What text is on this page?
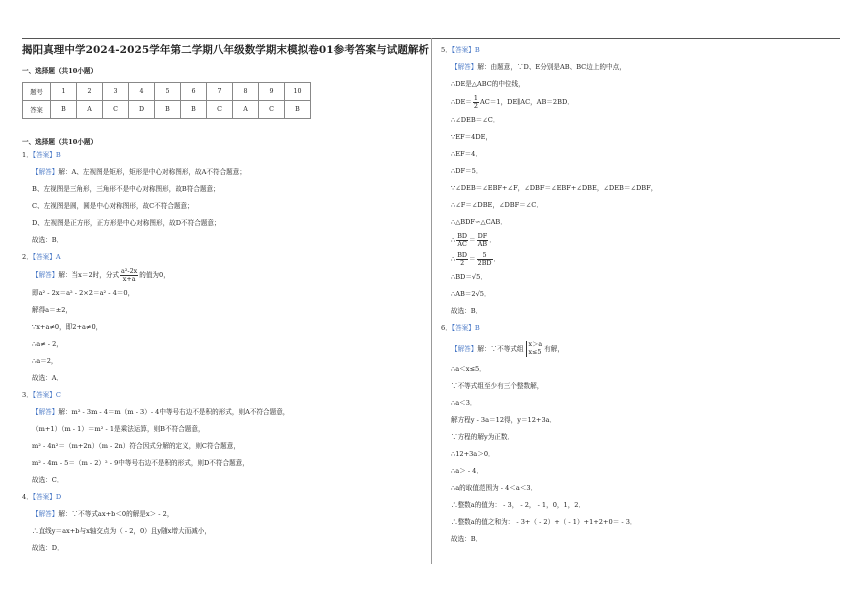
揭阳真理中学2024-2025学年第二学期八年级数学期末模拟卷01参考答案与试题解析
一、选择题（共10小题）
题号	1	2	3	4	5	6	7	8	9	10
答案	B	A	C	D	B	B	C	A	C	B
一、选择题（共10小题）
1．【答案】B
【解答】解：A、左视图是矩形，矩形是中心对称图形，故A不符合题意；
B、左视图是三角形，三角形不是中心对称图形，故B符合题意；
C、左视图是圆，圆是中心对称图形，故C不符合题意；
D、左视图是正方形，正方形是中心对称图形，故D不符合题意；
故选：B．
2．【答案】A
【解答】解：当x＝2时，分式 $\frac{\text{a²-2x}}{x+a}$ 的值为0，
即a² - 2x＝a² - 2×2＝a² - 4＝0，
解得a＝±2，
∵x+a≠0，即2+a≠0，
∴a≠ - 2，
∴a＝2，
故选：A．
3．【答案】C
【解答】解：m² - 3m - 4＝m（m - 3）- 4中等号右边不是积的形式，则A不符合题意，
（m+1）（m - 1）＝m² - 1是乘法运算，则B不符合题意，
m² - 4n²＝（m+2n）（m - 2n）符合因式分解的定义，则C符合题意，
m² - 4m - 5＝（m - 2）² - 9中等号右边不是积的形式，则D不符合题意，
故选：C．
4．【答案】D
【解答】解：∵不等式ax+b＜0的解是x＞ - 2，
∴直线y＝ax+b与x轴交点为（ - 2，0）且y随x增大而减小，
故选：D．
5．【答案】B
【解答】解：由题意，∵D、E分别是AB、BC边上的中点，
∴DE是△ABC的中位线，
∴DE＝ $\frac{1}{2} AC=1$，DE∥AC，AB＝2BD．
∴∠DEB＝∠C．
∵EF＝4DE，
∴EF＝4．
∴DF＝5．
∵∠DEB＝∠EBF+∠F，∠DBF＝∠EBF+∠DBE，∠DEB＝∠DBF，
∴∠F＝∠DBE，∠DBF＝∠C．
∴△BDF∽△CAB．
∴ $\frac{BD}{AC} = \frac{DF}{AB}$ ．
∴ $\frac{BD}{2} = \frac{5}{2BD}$ ．
∴BD＝√5．
∴AB＝2√5．
故选：B．
6．【答案】B
【解答】解：∵不等式组
x＞a
x≤5 有解，
∴a＜x≤5．
∵不等式组至少有三个整数解，
∴a＜3．
解方程y - 3a＝12得，y＝12+3a．
∵方程的解y为正数．
∴12+3a＞0．
∴a＞ - 4．
∴a的取值范围为 - 4＜a＜3．
∴整数a的值为： - 3， - 2， - 1，0，1，2．
∴整数a的值之和为： - 3+（ - 2）+（ - 1）+1+2+0＝ - 3．
故选：B．
